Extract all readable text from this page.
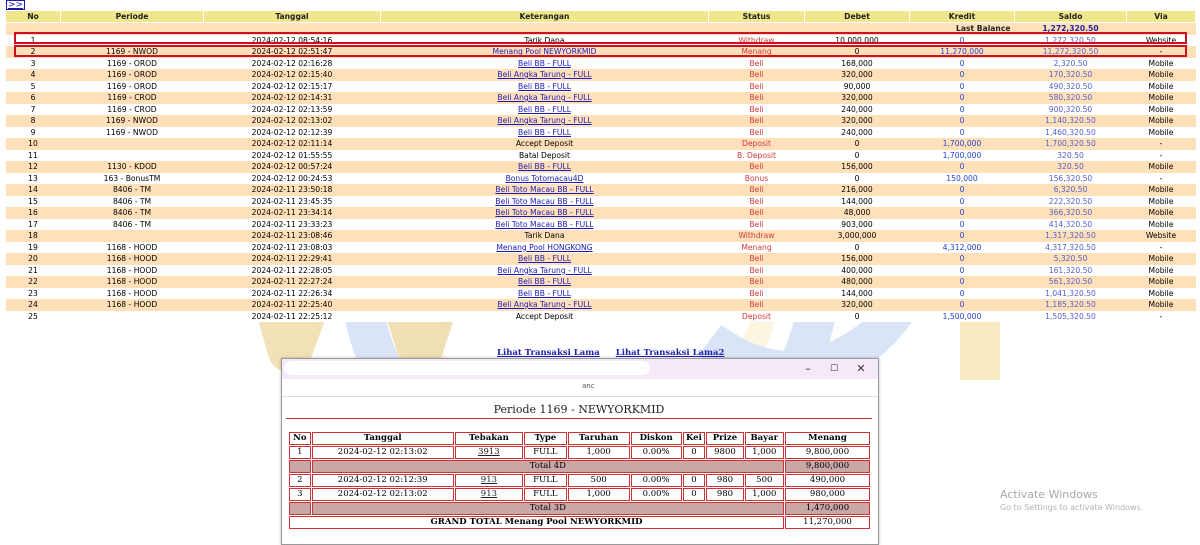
>>
No	Periode	Tanggal	Keterangan	Status	Debet	Kredit	Saldo	Via
Last Balance							1,272,320.50	
1		2024-02-12 08:54:16	Tarik Dana	Withdraw	10,000,000	0	1,272,320.50	Website
2	1169 - NWOD	2024-02-12 02:51:47	Menang Pool NEWYORKMID	Menang	0	11,270,000	11,272,320.50	-
3	1169 - OROD	2024-02-12 02:16:28	Beli BB - FULL	Beli	168,000	0	2,320.50	Mobile
4	1169 - OROD	2024-02-12 02:15:40	Beli Angka Tarung - FULL	Beli	320,000	0	170,320.50	Mobile
5	1169 - OROD	2024-02-12 02:15:17	Beli BB - FULL	Beli	90,000	0	490,320.50	Mobile
6	1169 - CROD	2024-02-12 02:14:31	Beli Angka Tarung - FULL	Beli	320,000	0	580,320.50	Mobile
7	1169 - CROD	2024-02-12 02:13:59	Beli BB - FULL	Beli	240,000	0	900,320.50	Mobile
8	1169 - NWOD	2024-02-12 02:13:02	Beli Angka Tarung - FULL	Beli	320,000	0	1,140,320.50	Mobile
9	1169 - NWOD	2024-02-12 02:12:39	Beli BB - FULL	Beli	240,000	0	1,460,320.50	Mobile
10		2024-02-12 02:11:14	Accept Deposit	Deposit	0	1,700,000	1,700,320.50	-
11		2024-02-12 01:55:55	Batal Deposit	B. Deposit	0	1,700,000	320.50	-
12	1130 - KDOD	2024-02-12 00:57:24	Beli BB - FULL	Beli	156,000	0	320.50	Mobile
13	163 - BonusTM	2024-02-12 00:24:53	Bonus Totomacau4D	Bonus	0	150,000	156,320.50	-
14	8406 - TM	2024-02-11 23:50:18	Beli Toto Macau BB - FULL	Beli	216,000	0	6,320.50	Mobile
15	8406 - TM	2024-02-11 23:45:35	Beli Toto Macau BB - FULL	Beli	144,000	0	222,320.50	Mobile
16	8406 - TM	2024-02-11 23:34:14	Beli Toto Macau BB - FULL	Beli	48,000	0	366,320.50	Mobile
17	8406 - TM	2024-02-11 23:33:23	Beli Toto Macau BB - FULL	Beli	903,000	0	414,320.50	Mobile
18		2024-02-11 23:08:46	Tarik Dana	Withdraw	3,000,000	0	1,317,320.50	Website
19	1168 - HOOD	2024-02-11 23:08:03	Menang Pool HONGKONG	Menang	0	4,312,000	4,317,320.50	-
20	1168 - HOOD	2024-02-11 22:29:41	Beli BB - FULL	Beli	156,000	0	5,320.50	Mobile
21	1168 - HOOD	2024-02-11 22:28:05	Beli Angka Tarung - FULL	Beli	400,000	0	161,320.50	Mobile
22	1168 - HOOD	2024-02-11 22:27:24	Beli BB - FULL	Beli	480,000	0	561,320.50	Mobile
23	1168 - HOOD	2024-02-11 22:26:34	Beli BB - FULL	Beli	144,000	0	1,041,320.50	Mobile
24	1168 - HOOD	2024-02-11 22:25:40	Beli Angka Tarung - FULL	Beli	320,000	0	1,185,320.50	Mobile
25		2024-02-11 22:25:12	Accept Deposit	Deposit	0	1,500,000	1,505,320.50	-
Lihat Transaksi Lama Lihat Transaksi Lama2
–	☐	✕
anc
Periode 1169 - NEWYORKMID
No	Tanggal	Tebakan	Type	Taruhan	Diskon	Kei	Prize	Bayar	Menang
1	2024-02-12 02:13:02	3913	FULL	1,000	0.00%	0	9800	1,000	9,800,000
	Total 4D								9,800,000
2	2024-02-12 02:12:39	913	FULL	500	0.00%	0	980	500	490,000
3	2024-02-12 02:13:02	913	FULL	1,000	0.00%	0	980	1,000	980,000
	Total 3D								1,470,000
GRAND TOTAL Menang Pool NEWYORKMID									11,270,000
Activate Windows
Go to Settings to activate Windows.
